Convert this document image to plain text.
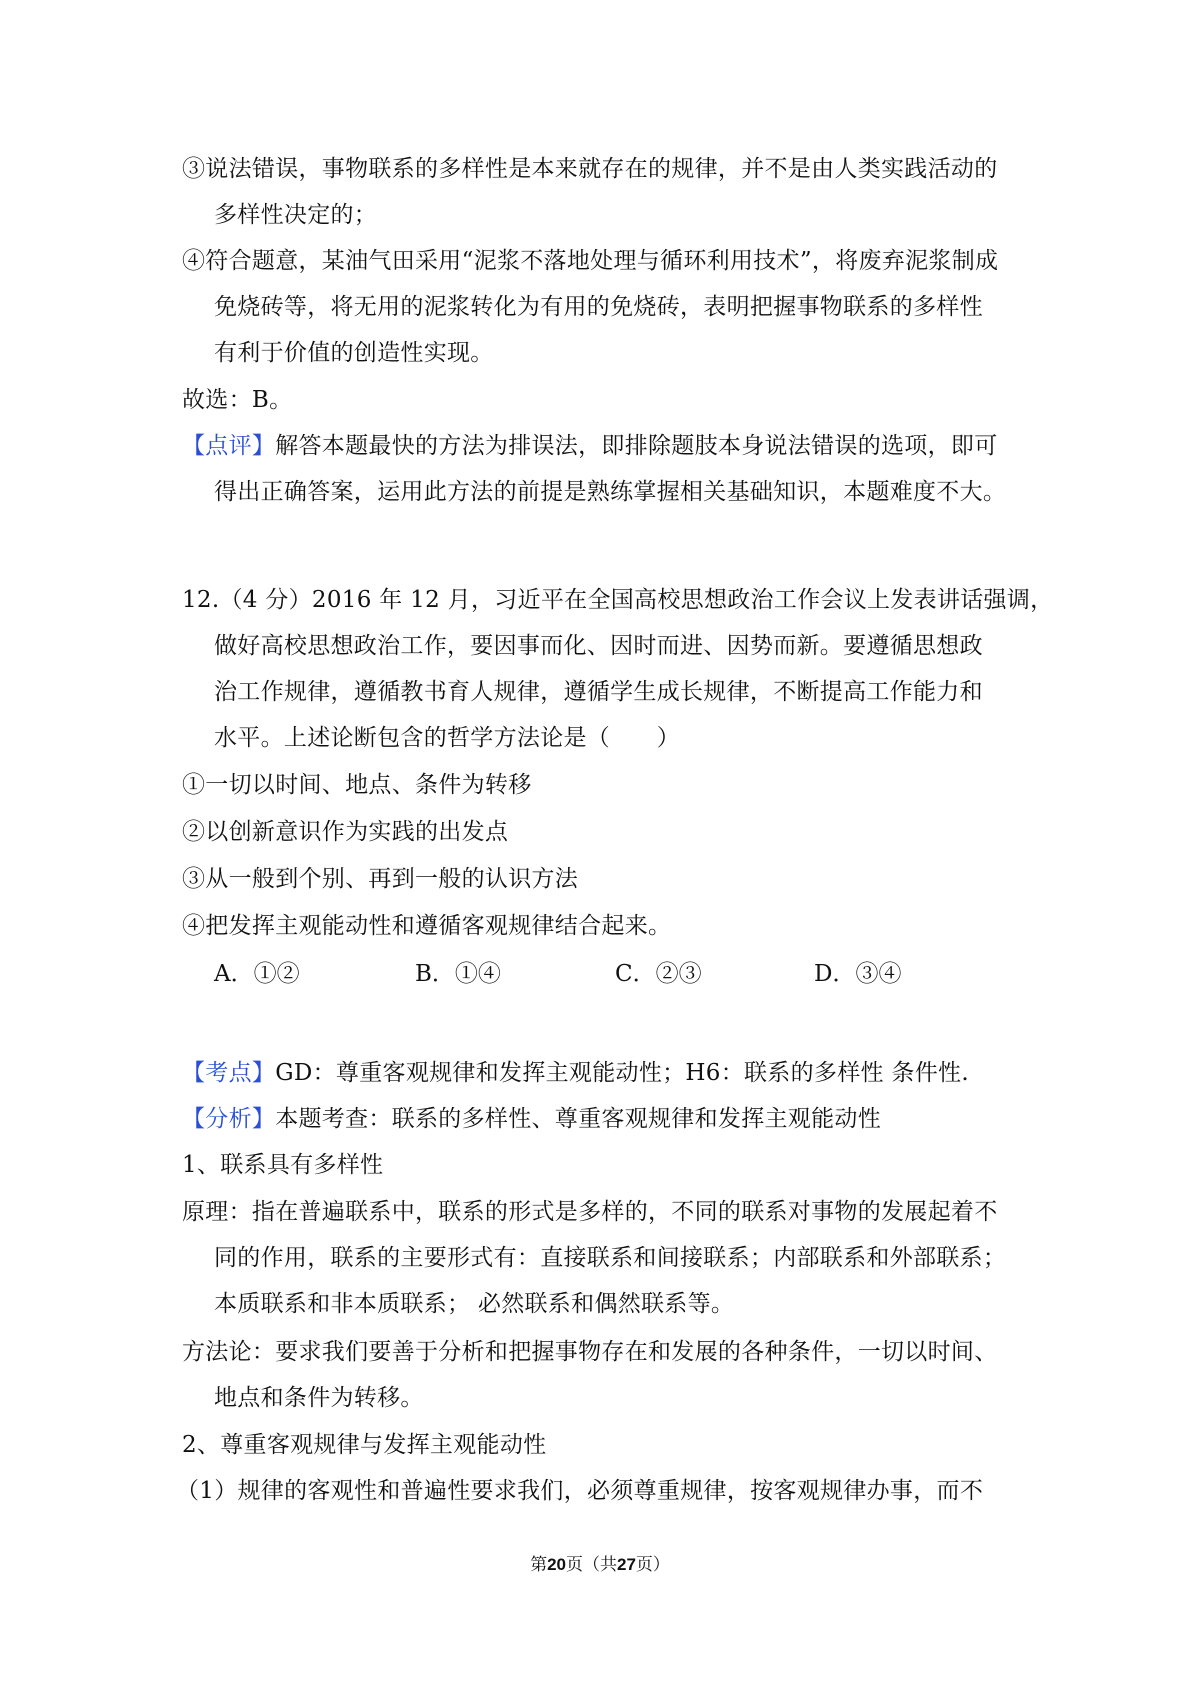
③说法错误，事物联系的多样性是本来就存在的规律，并不是由人类实践活动的
多样性决定的；
④符合题意，某油气田采用“泥浆不落地处理与循环利用技术”，将废弃泥浆制成
免烧砖等，将无用的泥浆转化为有用的免烧砖，表明把握事物联系的多样性
有利于价值的创造性实现。
故选：B。
【点评】解答本题最快的方法为排误法，即排除题肢本身说法错误的选项，即可
得出正确答案，运用此方法的前提是熟练掌握相关基础知识，本题难度不大。
12.（4 分）2016 年 12 月，习近平在全国高校思想政治工作会议上发表讲话强调，
做好高校思想政治工作，要因事而化、因时而进、因势而新。要遵循思想政
治工作规律，遵循教书育人规律，遵循学生成长规律，不断提高工作能力和
水平。上述论断包含的哲学方法论是（　　）
①一切以时间、地点、条件为转移
②以创新意识作为实践的出发点
③从一般到个别、再到一般的认识方法
④把发挥主观能动性和遵循客观规律结合起来。
A．①②	B．①④	C．②③	D．③④
【考点】GD：尊重客观规律和发挥主观能动性；H6：联系的多样性 条件性.
【分析】本题考查：联系的多样性、尊重客观规律和发挥主观能动性
1、联系具有多样性
原理：指在普遍联系中，联系的形式是多样的，不同的联系对事物的发展起着不
同的作用，联系的主要形式有：直接联系和间接联系；内部联系和外部联系；
本质联系和非本质联系； 必然联系和偶然联系等。
方法论：要求我们要善于分析和把握事物存在和发展的各种条件，一切以时间、
地点和条件为转移。
2、尊重客观规律与发挥主观能动性
（1）规律的客观性和普遍性要求我们，必须尊重规律，按客观规律办事，而不
第20页（共27页）
